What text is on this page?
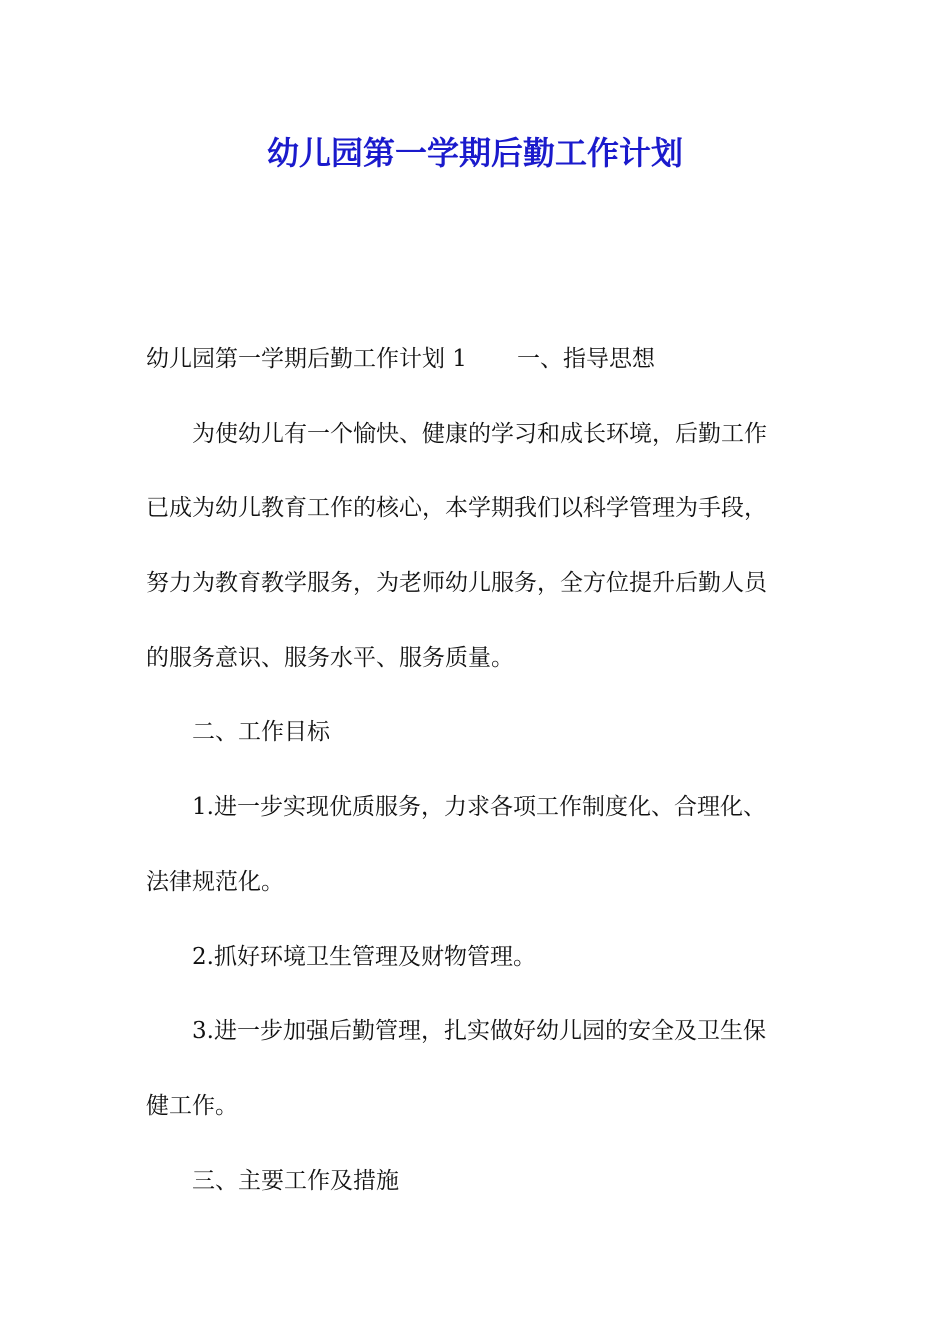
幼儿园第一学期后勤工作计划
幼儿园第一学期后勤工作计划 1 一、指导思想
为使幼儿有一个愉快、健康的学习和成长环境，后勤工作
已成为幼儿教育工作的核心，本学期我们以科学管理为手段，
努力为教育教学服务，为老师幼儿服务，全方位提升后勤人员
的服务意识、服务水平、服务质量。
二、工作目标
1.进一步实现优质服务，力求各项工作制度化、合理化、
法律规范化。
2.抓好环境卫生管理及财物管理。
3.进一步加强后勤管理，扎实做好幼儿园的安全及卫生保
健工作。
三、主要工作及措施
